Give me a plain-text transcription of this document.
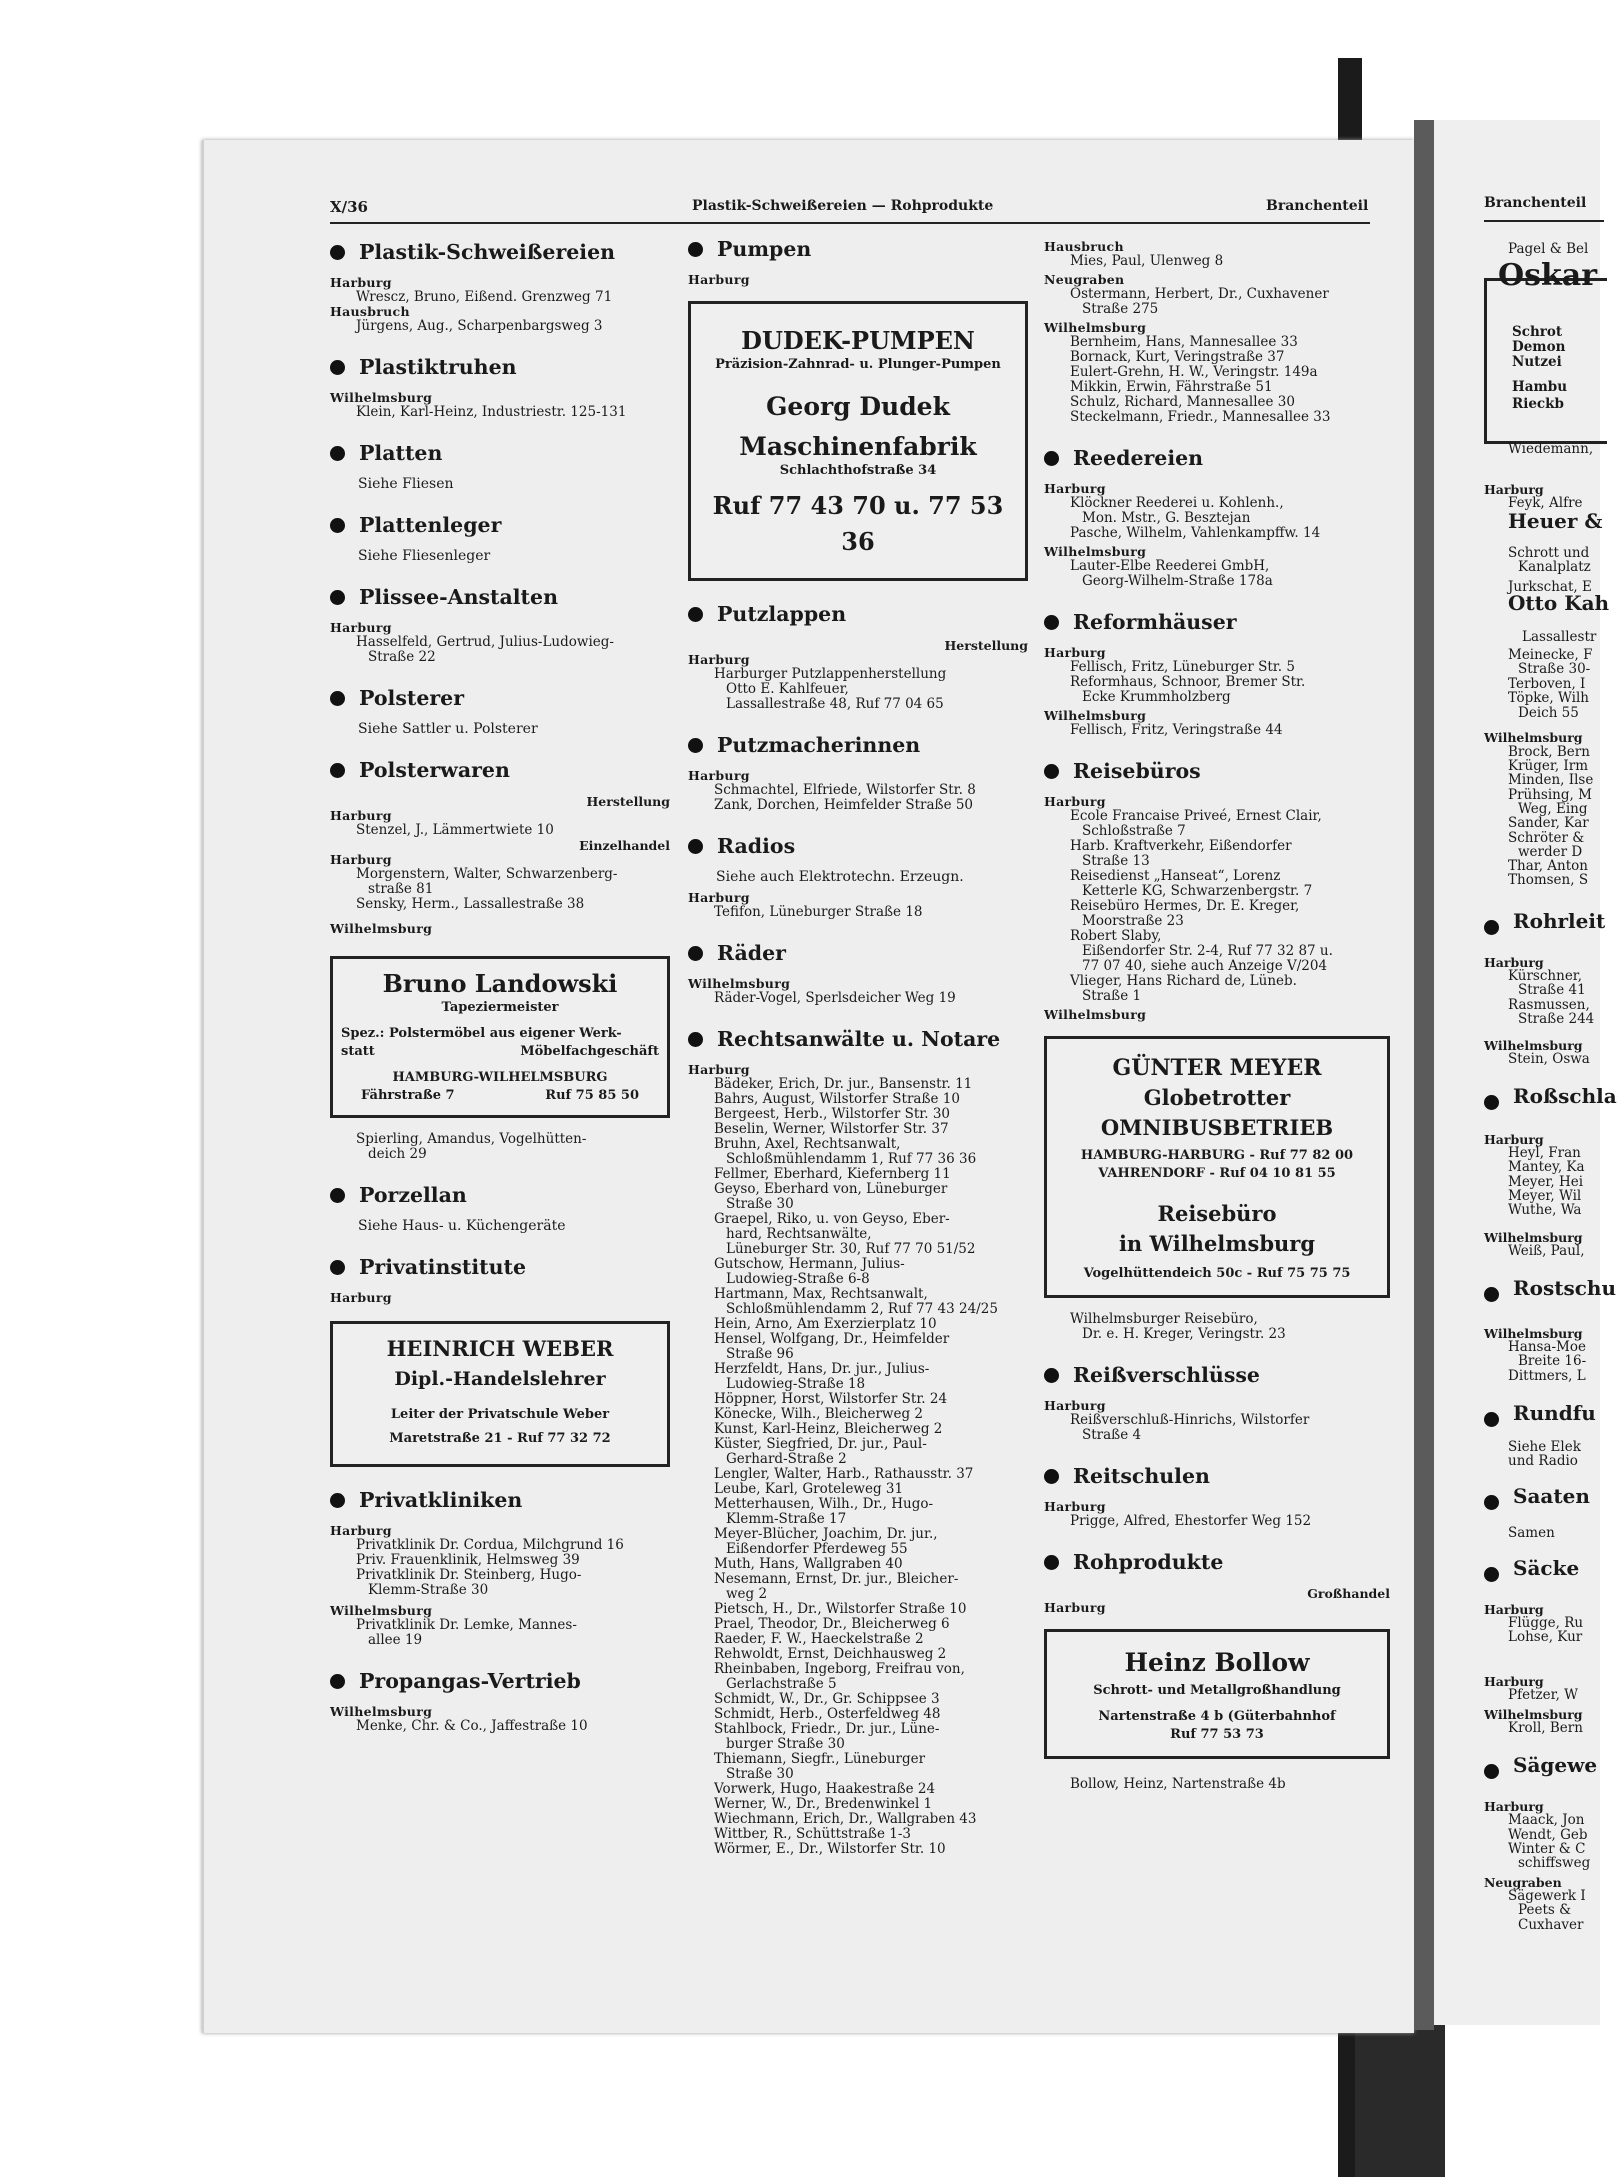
X/36	Plastik-Schweißereien — Rohprodukte	Branchenteil
Plastik-Schweißereien
Harburg
Wrescz, Bruno, Eißend. Grenzweg 71
Hausbruch
Jürgens, Aug., Scharpenbargsweg 3
Plastiktruhen
Wilhelmsburg
Klein, Karl-Heinz, Industriestr. 125-131
Platten
Siehe Fliesen
Plattenleger
Siehe Fliesenleger
Plissee-Anstalten
Harburg
Hasselfeld, Gertrud, Julius-Ludowieg-
Straße 22
Polsterer
Siehe Sattler u. Polsterer
Polsterwaren
Herstellung
Harburg
Stenzel, J., Lämmertwiete 10
Einzelhandel
Harburg
Morgenstern, Walter, Schwarzenberg-
straße 81
Sensky, Herm., Lassallestraße 38
Wilhelmsburg
Bruno Landowski
Tapeziermeister
Spez.: Polstermöbel aus eigener Werk-
statt	Möbelfachgeschäft
HAMBURG-WILHELMSBURG
Fährstraße 7	Ruf 75 85 50
Spierling, Amandus, Vogelhütten-
deich 29
Porzellan
Siehe Haus- u. Küchengeräte
Privatinstitute
Harburg
HEINRICH WEBER
Dipl.-Handelslehrer
Leiter der Privatschule Weber
Maretstraße 21 - Ruf 77 32 72
Privatkliniken
Harburg
Privatklinik Dr. Cordua, Milchgrund 16
Priv. Frauenklinik, Helmsweg 39
Privatklinik Dr. Steinberg, Hugo-
Klemm-Straße 30
Wilhelmsburg
Privatklinik Dr. Lemke, Mannes-
allee 19
Propangas-Vertrieb
Wilhelmsburg
Menke, Chr. & Co., Jaffestraße 10
Pumpen
Harburg
DUDEK-PUMPEN
Präzision-Zahnrad- u. Plunger-Pumpen
Georg Dudek
Maschinenfabrik
Schlachthofstraße 34
Ruf 77 43 70 u. 77 53 36
Putzlappen
Herstellung
Harburg
Harburger Putzlappenherstellung
Otto E. Kahlfeuer,
Lassallestraße 48, Ruf 77 04 65
Putzmacherinnen
Harburg
Schmachtel, Elfriede, Wilstorfer Str. 8
Zank, Dorchen, Heimfelder Straße 50
Radios
Siehe auch Elektrotechn. Erzeugn.
Harburg
Tefifon, Lüneburger Straße 18
Räder
Wilhelmsburg
Räder-Vogel, Sperlsdeicher Weg 19
Rechtsanwälte u. Notare
Harburg
Bädeker, Erich, Dr. jur., Bansenstr. 11
Bahrs, August, Wilstorfer Straße 10
Bergeest, Herb., Wilstorfer Str. 30
Beselin, Werner, Wilstorfer Str. 37
Bruhn, Axel, Rechtsanwalt,
Schloßmühlendamm 1, Ruf 77 36 36
Fellmer, Eberhard, Kiefernberg 11
Geyso, Eberhard von, Lüneburger
Straße 30
Graepel, Riko, u. von Geyso, Eber-
hard, Rechtsanwälte,
Lüneburger Str. 30, Ruf 77 70 51/52
Gutschow, Hermann, Julius-
Ludowieg-Straße 6-8
Hartmann, Max, Rechtsanwalt,
Schloßmühlendamm 2, Ruf 77 43 24/25
Hein, Arno, Am Exerzierplatz 10
Hensel, Wolfgang, Dr., Heimfelder
Straße 96
Herzfeldt, Hans, Dr. jur., Julius-
Ludowieg-Straße 18
Höppner, Horst, Wilstorfer Str. 24
Könecke, Wilh., Bleicherweg 2
Kunst, Karl-Heinz, Bleicherweg 2
Küster, Siegfried, Dr. jur., Paul-
Gerhard-Straße 2
Lengler, Walter, Harb., Rathausstr. 37
Leube, Karl, Groteleweg 31
Metterhausen, Wilh., Dr., Hugo-
Klemm-Straße 17
Meyer-Blücher, Joachim, Dr. jur.,
Eißendorfer Pferdeweg 55
Muth, Hans, Wallgraben 40
Nesemann, Ernst, Dr. jur., Bleicher-
weg 2
Pietsch, H., Dr., Wilstorfer Straße 10
Prael, Theodor, Dr., Bleicherweg 6
Raeder, F. W., Haeckelstraße 2
Rehwoldt, Ernst, Deichhausweg 2
Rheinbaben, Ingeborg, Freifrau von,
Gerlachstraße 5
Schmidt, W., Dr., Gr. Schippsee 3
Schmidt, Herb., Osterfeldweg 48
Stahlbock, Friedr., Dr. jur., Lüne-
burger Straße 30
Thiemann, Siegfr., Lüneburger
Straße 30
Vorwerk, Hugo, Haakestraße 24
Werner, W., Dr., Bredenwinkel 1
Wiechmann, Erich, Dr., Wallgraben 43
Wittber, R., Schüttstraße 1-3
Wörmer, E., Dr., Wilstorfer Str. 10
Hausbruch
Mies, Paul, Ulenweg 8
Neugraben
Ostermann, Herbert, Dr., Cuxhavener
Straße 275
Wilhelmsburg
Bernheim, Hans, Mannesallee 33
Bornack, Kurt, Veringstraße 37
Eulert-Grehn, H. W., Veringstr. 149a
Mikkin, Erwin, Fährstraße 51
Schulz, Richard, Mannesallee 30
Steckelmann, Friedr., Mannesallee 33
Reedereien
Harburg
Klöckner Reederei u. Kohlenh.,
Mon. Mstr., G. Besztejan
Pasche, Wilhelm, Vahlenkampffw. 14
Wilhelmsburg
Lauter-Elbe Reederei GmbH,
Georg-Wilhelm-Straße 178a
Reformhäuser
Harburg
Fellisch, Fritz, Lüneburger Str. 5
Reformhaus, Schnoor, Bremer Str.
Ecke Krummholzberg
Wilhelmsburg
Fellisch, Fritz, Veringstraße 44
Reisebüros
Harburg
Ecole Francaise Priveé, Ernest Clair,
Schloßstraße 7
Harb. Kraftverkehr, Eißendorfer
Straße 13
Reisedienst „Hanseat“, Lorenz
Ketterle KG, Schwarzenbergstr. 7
Reisebüro Hermes, Dr. E. Kreger,
Moorstraße 23
Robert Slaby,
Eißendorfer Str. 2-4, Ruf 77 32 87 u.
77 07 40, siehe auch Anzeige V/204
Vlieger, Hans Richard de, Lüneb.
Straße 1
Wilhelmsburg
GÜNTER MEYER
Globetrotter
OMNIBUSBETRIEB
HAMBURG-HARBURG - Ruf 77 82 00
VAHRENDORF - Ruf 04 10 81 55
Reisebüro
in Wilhelmsburg
Vogelhüttendeich 50c - Ruf 75 75 75
Wilhelmsburger Reisebüro,
Dr. e. H. Kreger, Veringstr. 23
Reißverschlüsse
Harburg
Reißverschluß-Hinrichs, Wilstorfer
Straße 4
Reitschulen
Harburg
Prigge, Alfred, Ehestorfer Weg 152
Rohprodukte
Großhandel
Harburg
Heinz Bollow
Schrott- und Metallgroßhandlung
Nartenstraße 4 b (Güterbahnhof
Ruf 77 53 73
Bollow, Heinz, Nartenstraße 4b
Branchenteil
Pagel & Bel
Oskar
Schrot
Demon
Nutzei
Hambu
Rieckb
Wiedemann,
Harburg
Feyk, Alfre
Heuer &
Schrott und
Kanalplatz
Jurkschat, E
Otto Kah
Lassallestr
Meinecke, F
Straße 30-
Terboven, I
Töpke, Wilh
Deich 55
Wilhelmsburg
Brock, Bern
Krüger, Irm
Minden, Ilse
Prühsing, M
Weg, Eing
Sander, Kar
Schröter &
werder D
Thar, Anton
Thomsen, S
Rohrleit
Harburg
Kürschner,
Straße 41
Rasmussen,
Straße 244
Wilhelmsburg
Stein, Oswa
Roßschla
Harburg
Heyl, Fran
Mantey, Ka
Meyer, Hei
Meyer, Wil
Wuthe, Wa
Wilhelmsburg
Weiß, Paul,
Rostschu
Wilhelmsburg
Hansa-Moe
Breite 16-
Dittmers, L
Rundfu
Siehe Elek
und Radio
Saaten
Samen
Säcke
Harburg
Flügge, Ru
Lohse, Kur
Harburg
Pfetzer, W
Wilhelmsburg
Kroll, Bern
Sägewe
Harburg
Maack, Jon
Wendt, Geb
Winter & C
schiffsweg
Neugraben
Sägewerk I
Peets &
Cuxhaver
